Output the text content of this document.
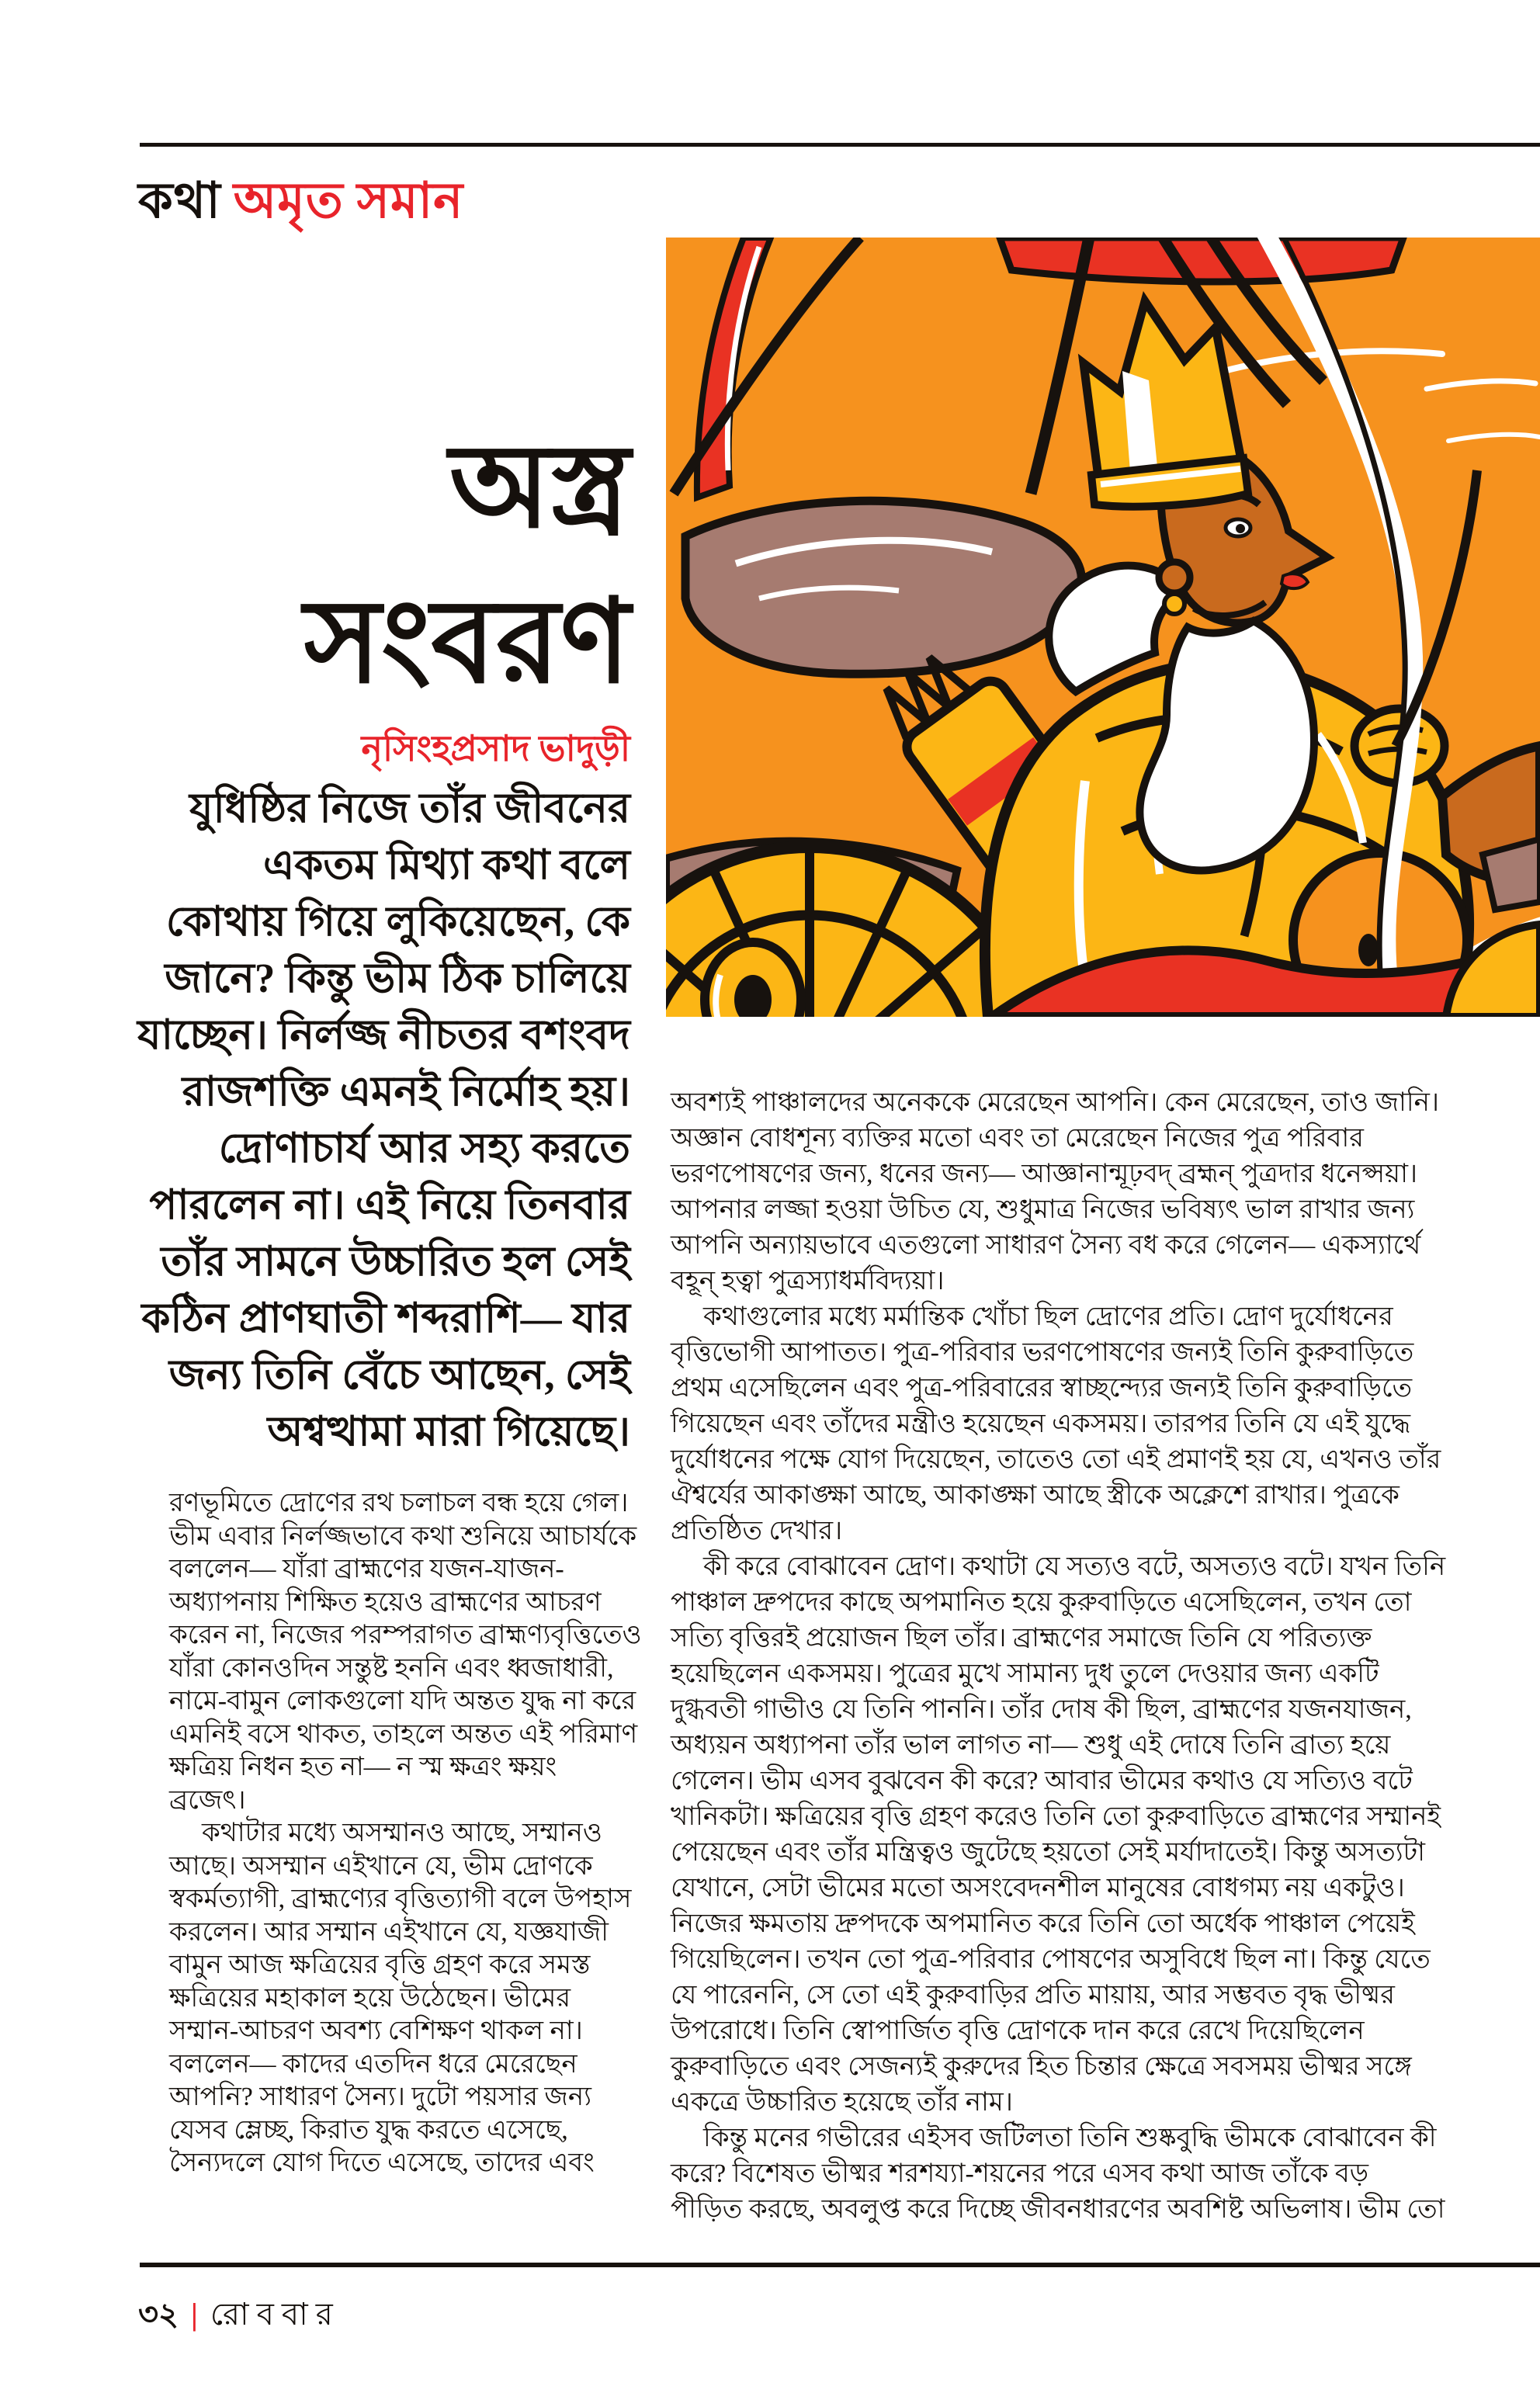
কথা অমৃত সমান
অস্ত্র
সংবরণ
নৃসিংহপ্রসাদ ভাদুড়ী
যুধিষ্ঠির নিজে তাঁর জীবনের
একতম মিথ্যা কথা বলে
কোথায় গিয়ে লুকিয়েছেন, কে
জানে? কিন্তু ভীম ঠিক চালিয়ে
যাচ্ছেন। নির্লজ্জ নীচতর বশংবদ
রাজশক্তি এমনই নির্মোহ হয়।
দ্রোণাচার্য আর সহ্য করতে
পারলেন না। এই নিয়ে তিনবার
তাঁর সামনে উচ্চারিত হল সেই
কঠিন প্রাণঘাতী শব্দরাশি— যার
জন্য তিনি বেঁচে আছেন, সেই
অশ্বত্থামা মারা গিয়েছে।
রণভূমিতে দ্রোণের রথ চলাচল বন্ধ হয়ে গেল।
ভীম এবার নির্লজ্জভাবে কথা শুনিয়ে আচার্যকে
বললেন— যাঁরা ব্রাহ্মণের যজন-যাজন-
অধ্যাপনায় শিক্ষিত হয়েও ব্রাহ্মণের আচরণ
করেন না, নিজের পরম্পরাগত ব্রাহ্মণ্যবৃত্তিতেও
যাঁরা কোনওদিন সন্তুষ্ট হননি এবং ধ্বজাধারী,
নামে-বামুন লোকগুলো যদি অন্তত যুদ্ধ না করে
এমনিই বসে থাকত, তাহলে অন্তত এই পরিমাণ
ক্ষত্রিয় নিধন হত না— ন স্ম ক্ষত্রং ক্ষয়ং
ব্রজেৎ।
কথাটার মধ্যে অসম্মানও আছে, সম্মানও
আছে। অসম্মান এইখানে যে, ভীম দ্রোণকে
স্বকর্মত্যাগী, ব্রাহ্মণ্যের বৃত্তিত্যাগী বলে উপহাস
করলেন। আর সম্মান এইখানে যে, যজ্ঞযাজী
বামুন আজ ক্ষত্রিয়ের বৃত্তি গ্রহণ করে সমস্ত
ক্ষত্রিয়ের মহাকাল হয়ে উঠেছেন। ভীমের
সম্মান-আচরণ অবশ্য বেশিক্ষণ থাকল না।
বললেন— কাদের এতদিন ধরে মেরেছেন
আপনি? সাধারণ সৈন্য। দুটো পয়সার জন্য
যেসব ম্লেচ্ছ, কিরাত যুদ্ধ করতে এসেছে,
সৈন্যদলে যোগ দিতে এসেছে, তাদের এবং
অবশ্যই পাঞ্চালদের অনেককে মেরেছেন আপনি। কেন মেরেছেন, তাও জানি।
অজ্ঞান বোধশূন্য ব্যক্তির মতো এবং তা মেরেছেন নিজের পুত্র পরিবার
ভরণপোষণের জন্য, ধনের জন্য— আজ্ঞানান্মূঢ়বদ্ ব্রহ্মন্ পুত্রদার ধনেপ্সয়া।
আপনার লজ্জা হওয়া উচিত যে, শুধুমাত্র নিজের ভবিষ্যৎ ভাল রাখার জন্য
আপনি অন্যায়ভাবে এতগুলো সাধারণ সৈন্য বধ করে গেলেন— একস্যার্থে
বহূন্ হত্বা পুত্রস্যাধর্মবিদ্যয়া।
কথাগুলোর মধ্যে মর্মান্তিক খোঁচা ছিল দ্রোণের প্রতি। দ্রোণ দুর্যোধনের
বৃত্তিভোগী আপাতত। পুত্র-পরিবার ভরণপোষণের জন্যই তিনি কুরুবাড়িতে
প্রথম এসেছিলেন এবং পুত্র-পরিবারের স্বাচ্ছন্দ্যের জন্যই তিনি কুরুবাড়িতে
গিয়েছেন এবং তাঁদের মন্ত্রীও হয়েছেন একসময়। তারপর তিনি যে এই যুদ্ধে
দুর্যোধনের পক্ষে যোগ দিয়েছেন, তাতেও তো এই প্রমাণই হয় যে, এখনও তাঁর
ঐশ্বর্যের আকাঙ্ক্ষা আছে, আকাঙ্ক্ষা আছে স্ত্রীকে অক্লেশে রাখার। পুত্রকে
প্রতিষ্ঠিত দেখার।
কী করে বোঝাবেন দ্রোণ। কথাটা যে সত্যও বটে, অসত্যও বটে। যখন তিনি
পাঞ্চাল দ্রুপদের কাছে অপমানিত হয়ে কুরুবাড়িতে এসেছিলেন, তখন তো
সত্যি বৃত্তিরই প্রয়োজন ছিল তাঁর। ব্রাহ্মণের সমাজে তিনি যে পরিত্যক্ত
হয়েছিলেন একসময়। পুত্রের মুখে সামান্য দুধ তুলে দেওয়ার জন্য একটি
দুগ্ধবতী গাভীও যে তিনি পাননি। তাঁর দোষ কী ছিল, ব্রাহ্মণের যজনযাজন,
অধ্যয়ন অধ্যাপনা তাঁর ভাল লাগত না— শুধু এই দোষে তিনি ব্রাত্য হয়ে
গেলেন। ভীম এসব বুঝবেন কী করে? আবার ভীমের কথাও যে সত্যিও বটে
খানিকটা। ক্ষত্রিয়ের বৃত্তি গ্রহণ করেও তিনি তো কুরুবাড়িতে ব্রাহ্মণের সম্মানই
পেয়েছেন এবং তাঁর মন্ত্রিত্বও জুটেছে হয়তো সেই মর্যাদাতেই। কিন্তু অসত্যটা
যেখানে, সেটা ভীমের মতো অসংবেদনশীল মানুষের বোধগম্য নয় একটুও।
নিজের ক্ষমতায় দ্রুপদকে অপমানিত করে তিনি তো অর্ধেক পাঞ্চাল পেয়েই
গিয়েছিলেন। তখন তো পুত্র-পরিবার পোষণের অসুবিধে ছিল না। কিন্তু যেতে
যে পারেননি, সে তো এই কুরুবাড়ির প্রতি মায়ায়, আর সম্ভবত বৃদ্ধ ভীষ্মর
উপরোধে। তিনি স্বোপার্জিত বৃত্তি দ্রোণকে দান করে রেখে দিয়েছিলেন
কুরুবাড়িতে এবং সেজন্যই কুরুদের হিত চিন্তার ক্ষেত্রে সবসময় ভীষ্মর সঙ্গে
একত্রে উচ্চারিত হয়েছে তাঁর নাম।
কিন্তু মনের গভীরের এইসব জটিলতা তিনি শুষ্কবুদ্ধি ভীমকে বোঝাবেন কী
করে? বিশেষত ভীষ্মর শরশয্যা-শয়নের পরে এসব কথা আজ তাঁকে বড়
পীড়িত করছে, অবলুপ্ত করে দিচ্ছে জীবনধারণের অবশিষ্ট অভিলাষ। ভীম তো
৩২ | রোববার
